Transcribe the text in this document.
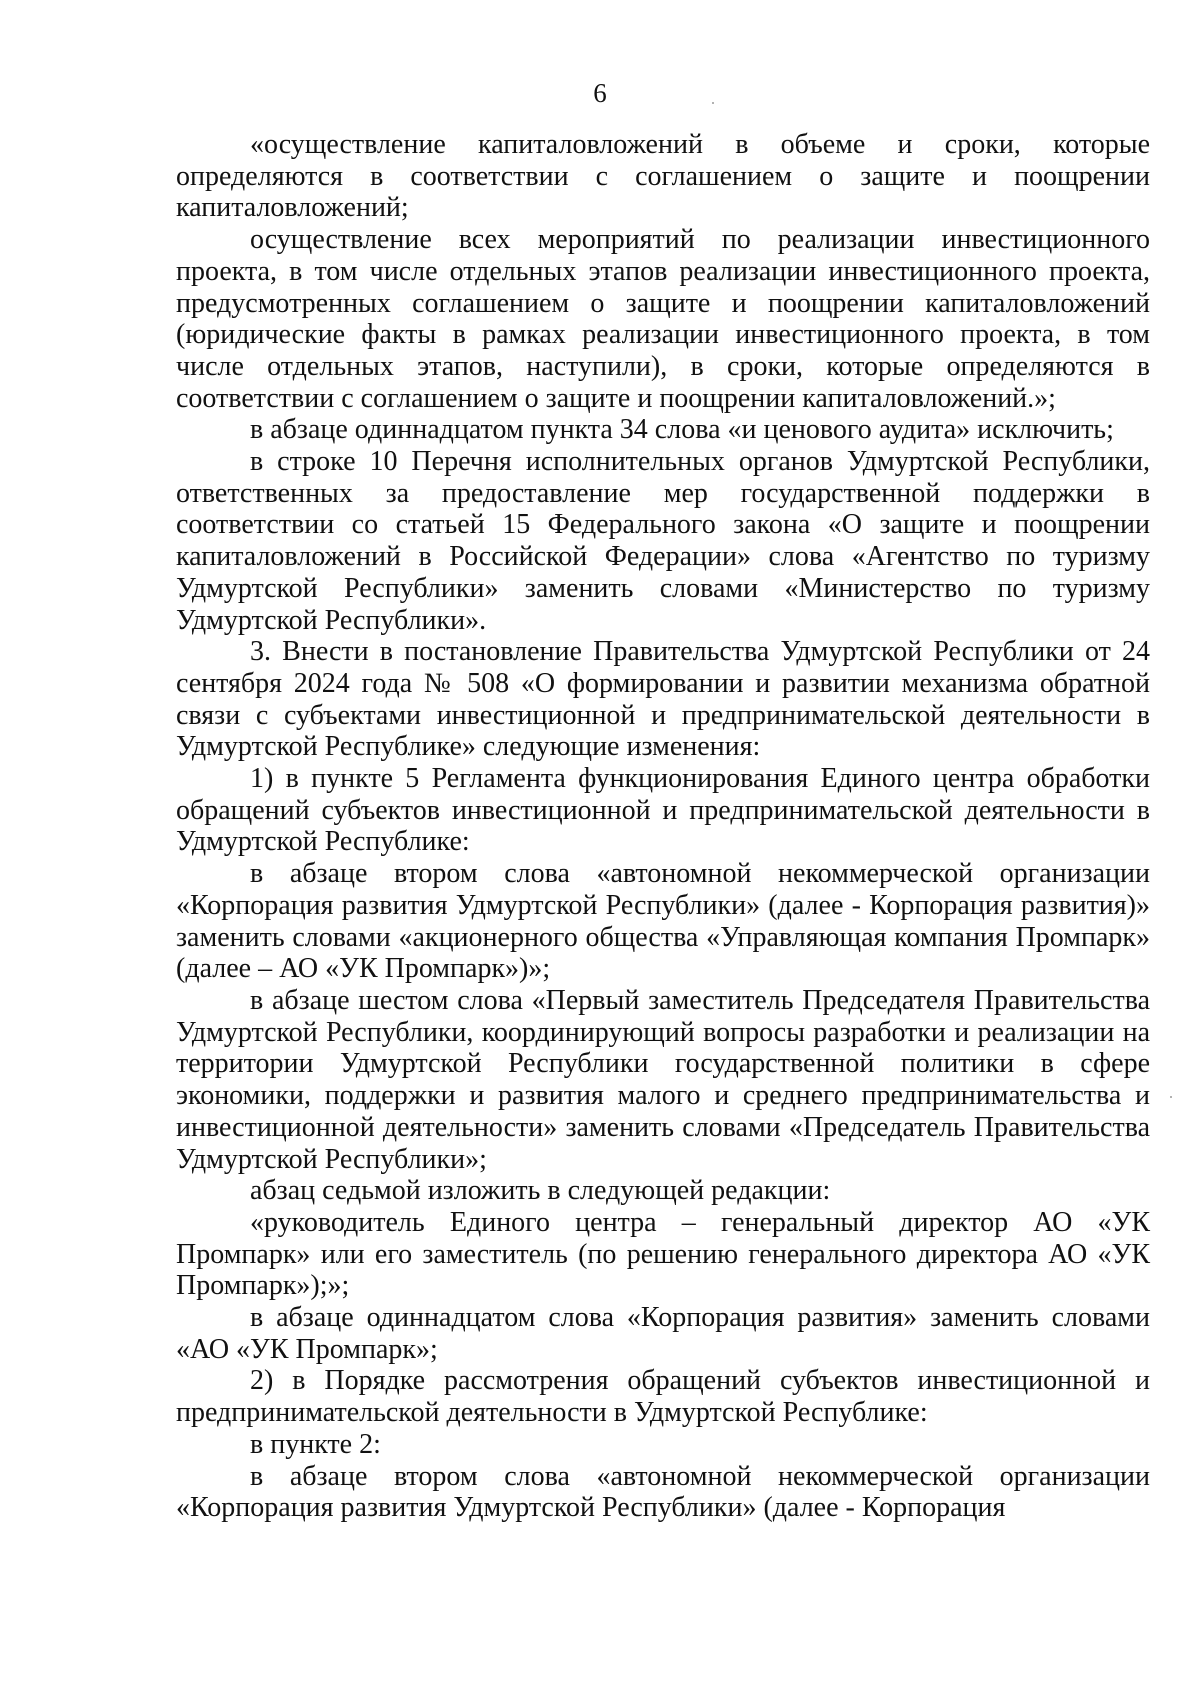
6

«осуществление капиталовложений в объеме и сроки, которые определяются в соответствии с соглашением о защите и поощрении капиталовложений;

осуществление всех мероприятий по реализации инвестиционного проекта, в том числе отдельных этапов реализации инвестиционного проекта, предусмотренных соглашением о защите и поощрении капиталовложений (юридические факты в рамках реализации инвестиционного проекта, в том числе отдельных этапов, наступили), в сроки, которые определяются в соответствии с соглашением о защите и поощрении капиталовложений.»;

в абзаце одиннадцатом пункта 34 слова «и ценового аудита» исключить;

в строке 10 Перечня исполнительных органов Удмуртской Республики, ответственных за предоставление мер государственной поддержки в соответствии со статьей 15 Федерального закона «О защите и поощрении капиталовложений в Российской Федерации» слова «Агентство по туризму Удмуртской Республики» заменить словами «Министерство по туризму Удмуртской Республики».

3. Внести в постановление Правительства Удмуртской Республики от 24 сентября 2024 года № 508 «О формировании и развитии механизма обратной связи с субъектами инвестиционной и предпринимательской деятельности в Удмуртской Республике» следующие изменения:

1) в пункте 5 Регламента функционирования Единого центра обработки обращений субъектов инвестиционной и предпринимательской деятельности в Удмуртской Республике:

в абзаце втором слова «автономной некоммерческой организации «Корпорация развития Удмуртской Республики» (далее - Корпорация развития)» заменить словами «акционерного общества «Управляющая компания Промпарк» (далее – АО «УК Промпарк»)»;

в абзаце шестом слова «Первый заместитель Председателя Правительства Удмуртской Республики, координирующий вопросы разработки и реализации на территории Удмуртской Республики государственной политики в сфере экономики, поддержки и развития малого и среднего предпринимательства и инвестиционной деятельности» заменить словами «Председатель Правительства Удмуртской Республики»;

абзац седьмой изложить в следующей редакции:

«руководитель Единого центра – генеральный директор АО «УК Промпарк» или его заместитель (по решению генерального директора АО «УК Промпарк»);»;

в абзаце одиннадцатом слова «Корпорация развития» заменить словами «АО «УК Промпарк»;

2) в Порядке рассмотрения обращений субъектов инвестиционной и предпринимательской деятельности в Удмуртской Республике:

в пункте 2:

в абзаце втором слова «автономной некоммерческой организации «Корпорация развития Удмуртской Республики» (далее - Корпорация
